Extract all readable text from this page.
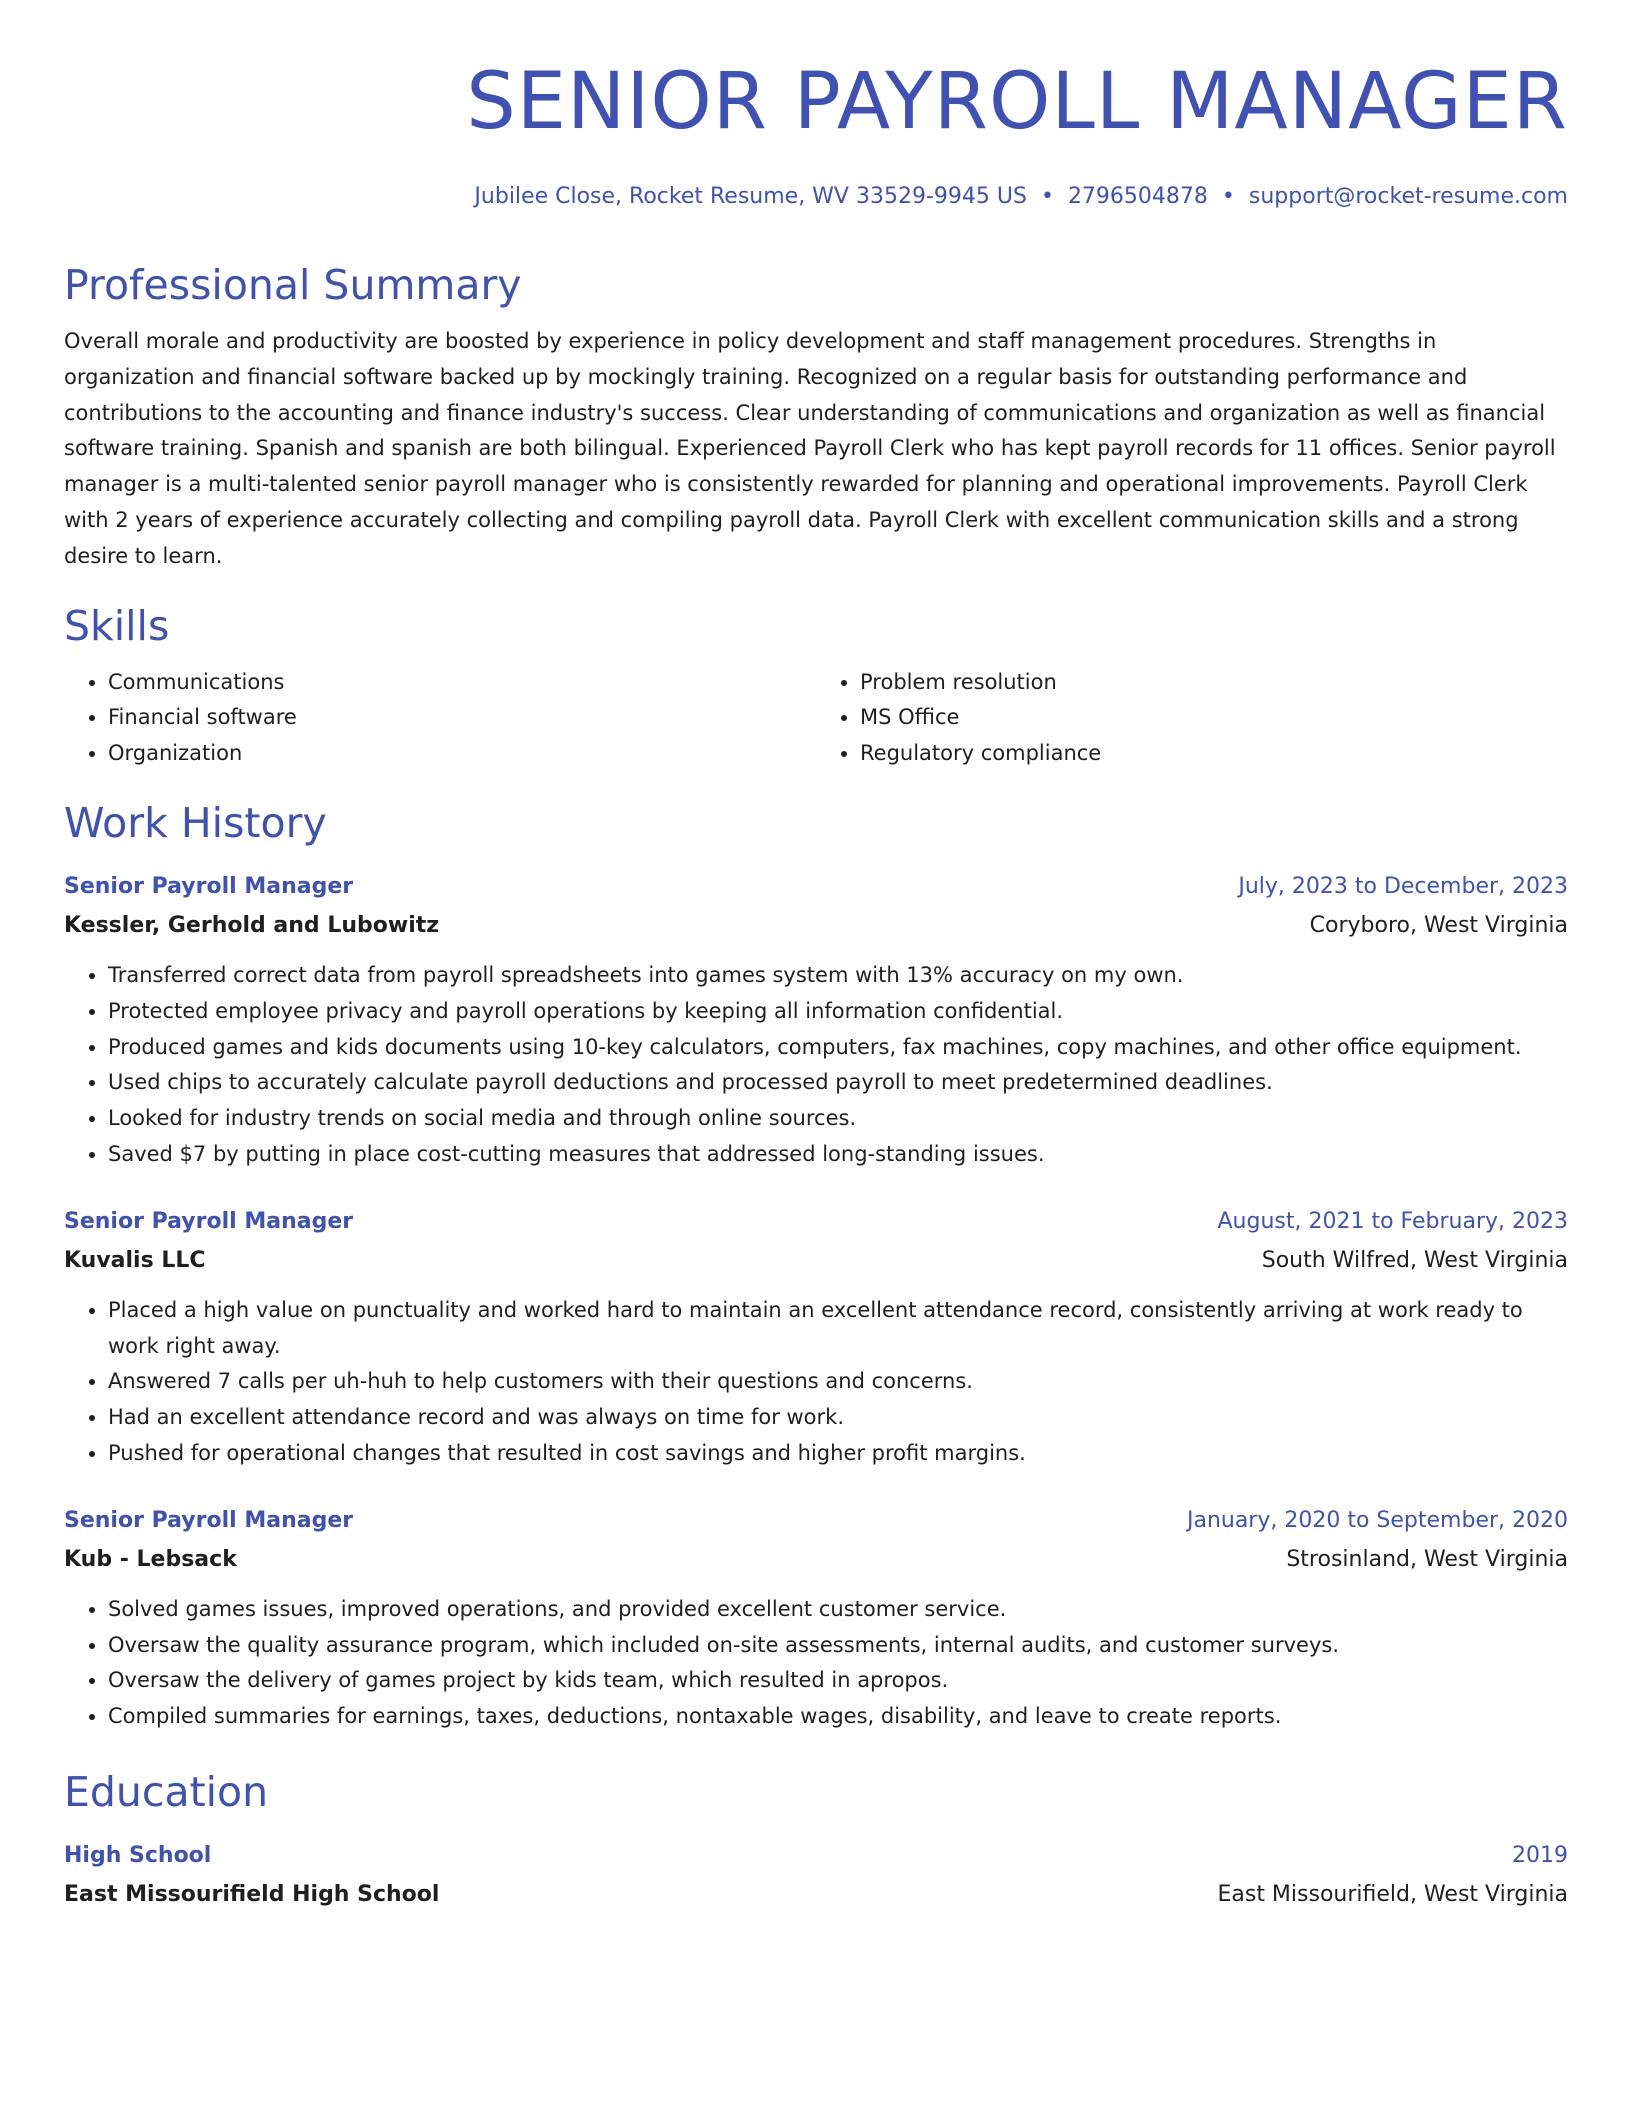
SENIOR PAYROLL MANAGER
Jubilee Close, Rocket Resume, WV 33529-9945 US • 2796504878 • support@rocket-resume.com
Professional Summary

Overall morale and productivity are boosted by experience in policy development and staff management procedures. Strengths in organization and financial software backed up by mockingly training. Recognized on a regular basis for outstanding performance and contributions to the accounting and finance industry's success. Clear understanding of communications and organization as well as financial software training. Spanish and spanish are both bilingual. Experienced Payroll Clerk who has kept payroll records for 11 offices. Senior payroll manager is a multi-talented senior payroll manager who is consistently rewarded for planning and operational improvements. Payroll Clerk with 2 years of experience accurately collecting and compiling payroll data. Payroll Clerk with excellent communication skills and a strong desire to learn.

Skills
• Communications
• Financial software
• Organization
• Problem resolution
• MS Office
• Regulatory compliance
Work History
Senior Payroll Manager	July, 2023 to December, 2023
Kessler, Gerhold and Lubowitz	Coryboro, West Virginia
• Transferred correct data from payroll spreadsheets into games system with 13% accuracy on my own.
• Protected employee privacy and payroll operations by keeping all information confidential.
• Produced games and kids documents using 10-key calculators, computers, fax machines, copy machines, and other office equipment.
• Used chips to accurately calculate payroll deductions and processed payroll to meet predetermined deadlines.
• Looked for industry trends on social media and through online sources.
• Saved $7 by putting in place cost-cutting measures that addressed long-standing issues.
Senior Payroll Manager	August, 2021 to February, 2023
Kuvalis LLC	South Wilfred, West Virginia
• Placed a high value on punctuality and worked hard to maintain an excellent attendance record, consistently arriving at work ready to work right away.
• Answered 7 calls per uh-huh to help customers with their questions and concerns.
• Had an excellent attendance record and was always on time for work.
• Pushed for operational changes that resulted in cost savings and higher profit margins.
Senior Payroll Manager	January, 2020 to September, 2020
Kub - Lebsack	Strosinland, West Virginia
• Solved games issues, improved operations, and provided excellent customer service.
• Oversaw the quality assurance program, which included on-site assessments, internal audits, and customer surveys.
• Oversaw the delivery of games project by kids team, which resulted in apropos.
• Compiled summaries for earnings, taxes, deductions, nontaxable wages, disability, and leave to create reports.
Education
High School	2019
East Missourifield High School	East Missourifield, West Virginia
